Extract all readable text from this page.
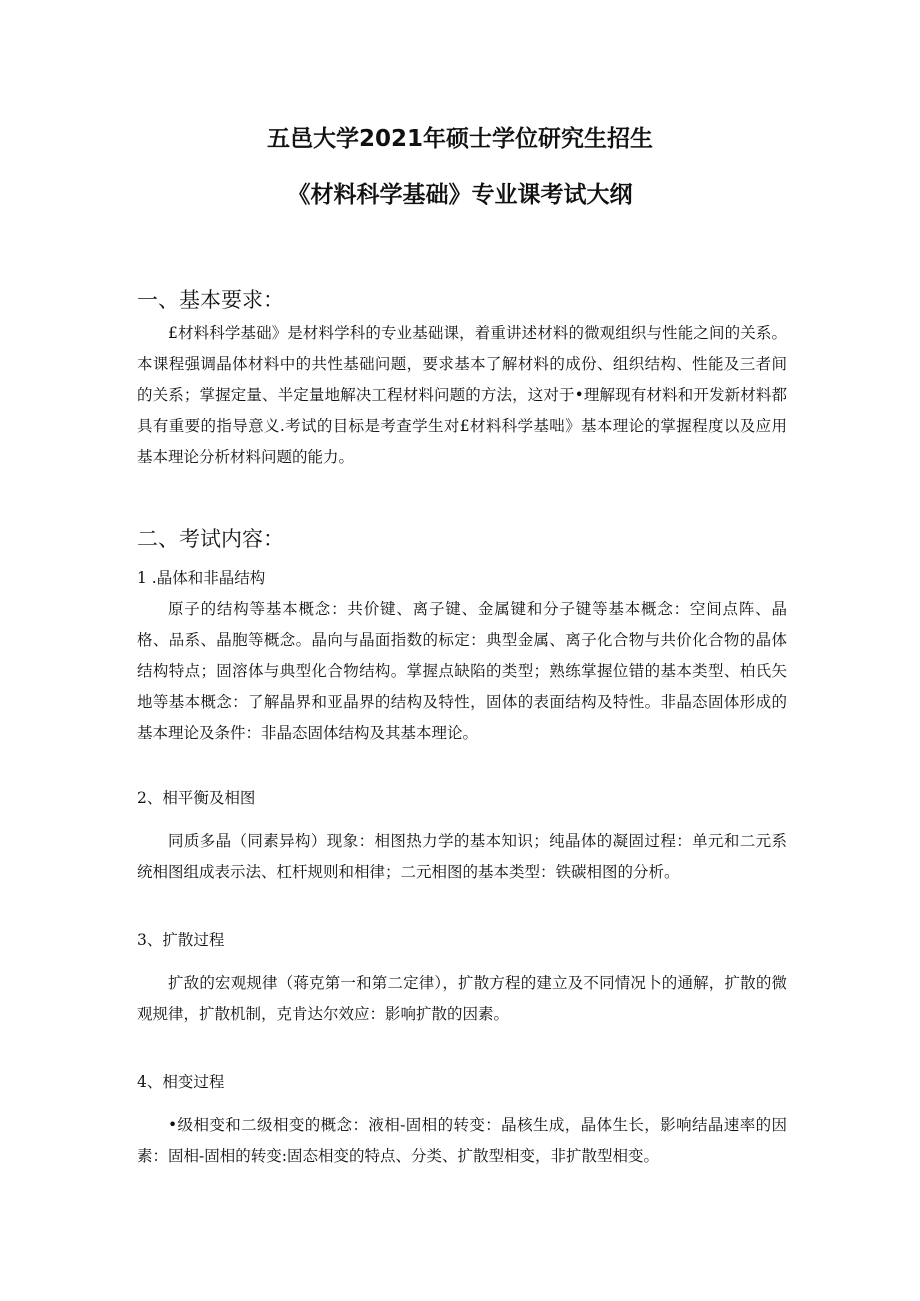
五邑大学2021年硕士学位研究生招生
《材料科学基础》专业课考试大纲
一、基本要求：
£材料科学基础》是材料学科的专业基础课，着重讲述材料的微观组织与性能之间的关系。本课程强调晶体材料中的共性基础问题，要求基本了解材料的成份、组织结构、性能及三者间的关系；掌握定量、半定量地解决工程材料问题的方法，这对于•理解现有材料和开发新材料都具有重要的指导意义.考试的目标是考查学生对£材料科学基咄》基本理论的掌握程度以及应用基本理论分析材料问题的能力。
二、考试内容：
1 .晶体和非晶结构
原子的结构等基本概念：共价键、离子键、金属键和分子键等基本概念：空间点阵、晶格、品系、晶胞等概念。晶向与晶面指数的标定：典型金属、离子化合物与共价化合物的晶体结构特点；固溶体与典型化合物结构。掌握点缺陷的类型；熟练掌握位错的基本类型、柏氏矢地等基本概念：了解晶界和亚晶界的结构及特性，固体的表面结构及特性。非晶态固体形成的基本理论及条件：非晶态固体结构及其基本理论。
2、相平衡及相图
同质多晶（同素异构）现象：相图热力学的基本知识；纯晶体的凝固过程：单元和二元系统相图组成表示法、杠杆规则和相律；二元相图的基本类型：铁碳相图的分析。
3、扩散过程
扩敌的宏观规律（蒋克第一和第二定律），扩散方程的建立及不同情况卜的通解，扩散的微观规律，扩散机制，克肯达尔效应：影响扩散的因素。
4、相变过程
•级相变和二级相变的概念：液相-固相的转变：晶核生成，晶体生长，影响结晶速率的因素：固相-固相的转变:固态相变的特点、分类、扩散型相变，非扩散型相变。
